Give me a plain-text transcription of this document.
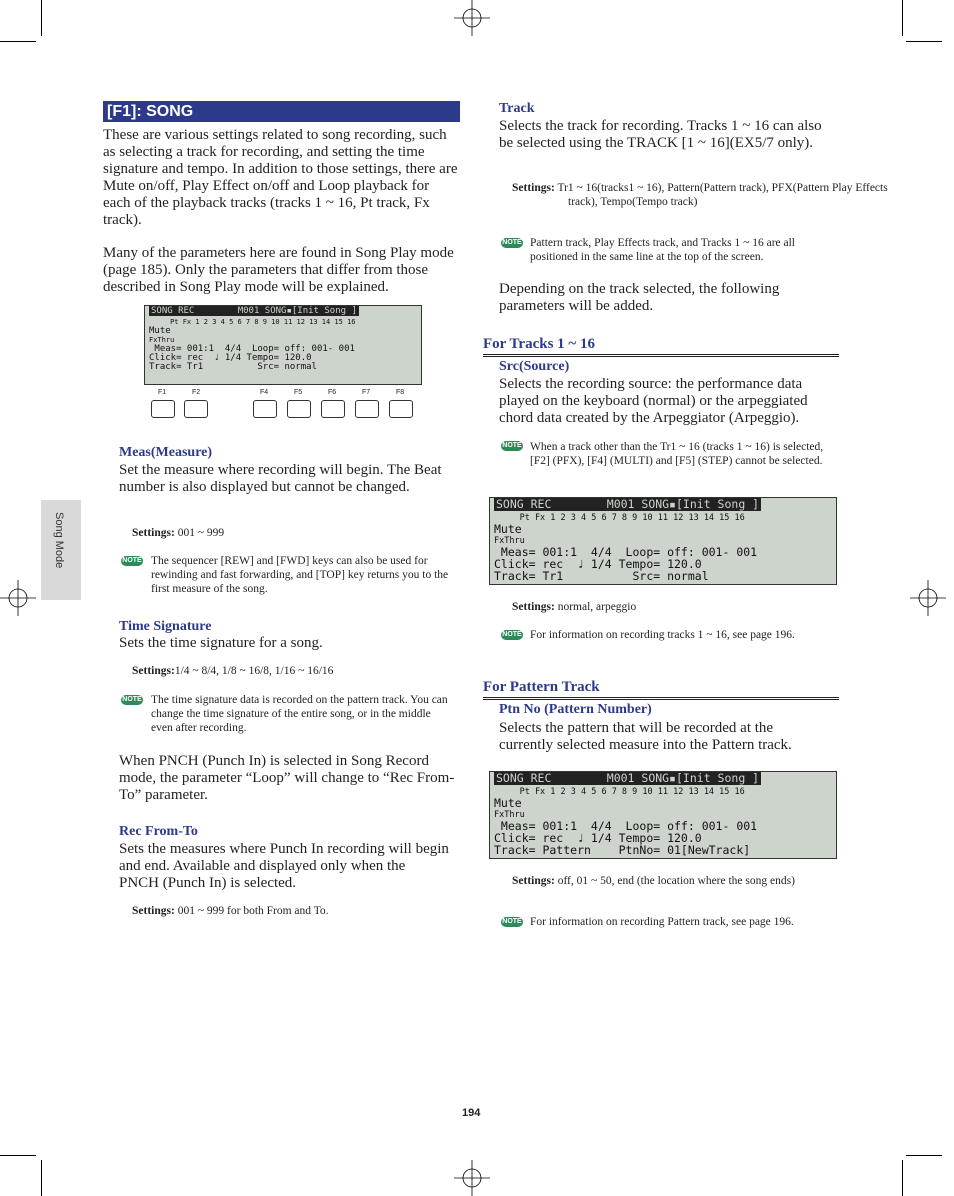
Song Mode
[F1]: SONG
These are various settings related to song recording, such as selecting a track for recording, and setting the time signature and tempo. In addition to those settings, there are Mute on/off, Play Effect on/off and Loop playback for each of the playback tracks (tracks 1 ~ 16, Pt track, Fx track).
Many of the parameters here are found in Song Play mode (page 185). Only the parameters that differ from those described in Song Play mode will be explained.
SONG REC        M001 SONG▪[Init Song ]
Pt Fx 1 2 3 4 5 6 7 8 9 10 11 12 13 14 15 16
Mute
FxThru
Meas= 001:1  4/4  Loop= off: 001- 001
Click= rec  ♩ 1/4 Tempo= 120.0
Track= Tr1          Src= normal

F1	F2	F4	F5	F6	F7	F8
Meas(Measure)
Set the measure where recording will begin. The Beat number is also displayed but cannot be changed.
Settings: 001 ~ 999
NOTE The sequencer [REW] and [FWD] keys can also be used for rewinding and fast forwarding, and [TOP] key returns you to the first measure of the song.
Time Signature
Sets the time signature for a song.
Settings:1/4 ~ 8/4, 1/8 ~ 16/8, 1/16 ~ 16/16
NOTE The time signature data is recorded on the pattern track. You can change the time signature of the entire song, or in the middle even after recording.
When PNCH (Punch In) is selected in Song Record mode, the parameter “Loop” will change to “Rec From-To” parameter.
Rec From-To
Sets the measures where Punch In recording will begin and end. Available and displayed only when the PNCH (Punch In) is selected.
Settings: 001 ~ 999 for both From and To.
Track
Selects the track for recording. Tracks 1 ~ 16 can also be selected using the TRACK [1 ~ 16](EX5/7 only).
Settings: Tr1 ~ 16(tracks1 ~ 16), Pattern(Pattern track), PFX(Pattern Play Effects track), Tempo(Tempo track)
NOTE Pattern track, Play Effects track, and Tracks 1 ~ 16 are all positioned in the same line at the top of the screen.
Depending on the track selected, the following parameters will be added.
For Tracks 1 ~ 16
Src(Source)
Selects the recording source: the performance data played on the keyboard (normal) or the arpeggiated chord data created by the Arpeggiator (Arpeggio).
NOTE When a track other than the Tr1 ~ 16 (tracks 1 ~ 16) is selected, [F2] (PFX), [F4] (MULTI) and [F5] (STEP) cannot be selected.
SONG REC        M001 SONG▪[Init Song ]
Pt Fx 1 2 3 4 5 6 7 8 9 10 11 12 13 14 15 16
Mute
FxThru
Meas= 001:1  4/4  Loop= off: 001- 001
Click= rec  ♩ 1/4 Tempo= 120.0
Track= Tr1          Src= normal
Settings: normal, arpeggio
NOTE For information on recording tracks 1 ~ 16, see page 196.
For Pattern Track
Ptn No (Pattern Number)
Selects the pattern that will be recorded at the currently selected measure into the Pattern track.
SONG REC        M001 SONG▪[Init Song ]
Pt Fx 1 2 3 4 5 6 7 8 9 10 11 12 13 14 15 16
Mute
FxThru
Meas= 001:1  4/4  Loop= off: 001- 001
Click= rec  ♩ 1/4 Tempo= 120.0
Track= Pattern    PtnNo= 01[NewTrack]
Settings: off, 01 ~ 50, end (the location where the song ends)
NOTE For information on recording Pattern track, see page 196.
194
